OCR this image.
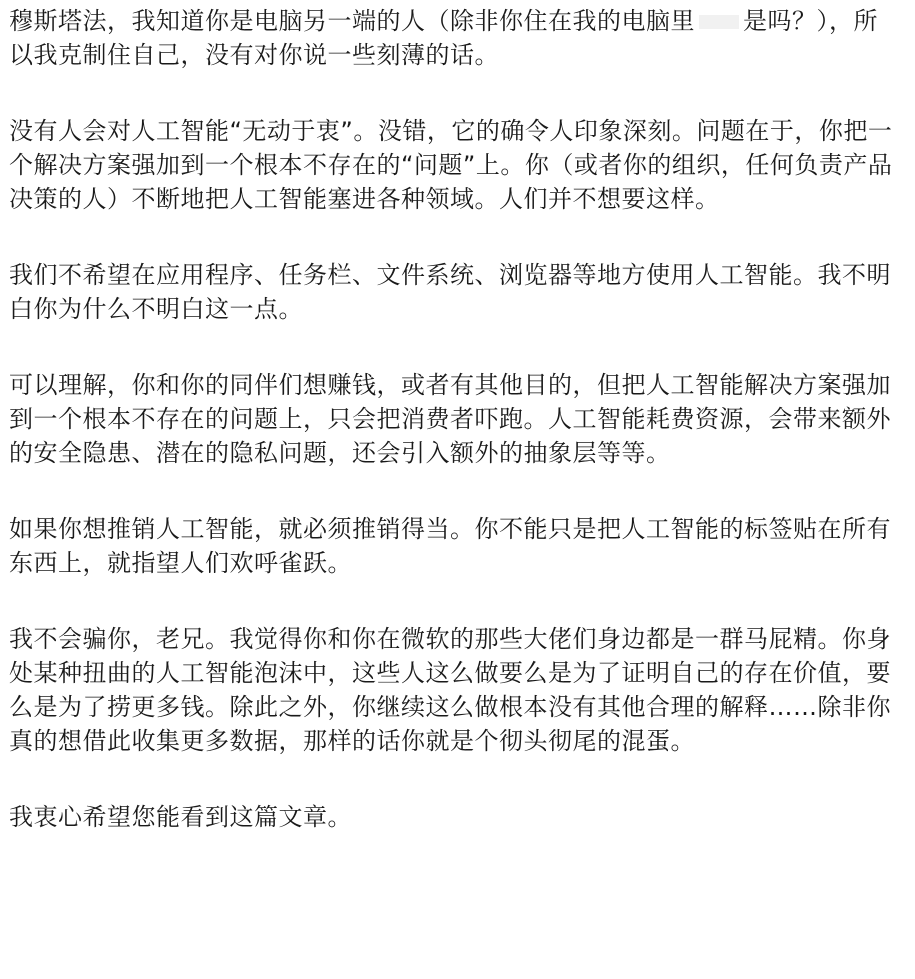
穆斯塔法，我知道你是电脑另一端的人（除非你住在我的电脑里 是吗？），所以我克制住自己，没有对你说一些刻薄的话。

没有人会对人工智能“无动于衷”。没错，它的确令人印象深刻。问题在于，你把一个解决方案强加到一个根本不存在的“问题”上。你（或者你的组织，任何负责产品决策的人）不断地把人工智能塞进各种领域。人们并不想要这样。

我们不希望在应用程序、任务栏、文件系统、浏览器等地方使用人工智能。我不明白你为什么不明白这一点。

可以理解，你和你的同伴们想赚钱，或者有其他目的，但把人工智能解决方案强加到一个根本不存在的问题上，只会把消费者吓跑。人工智能耗费资源，会带来额外的安全隐患、潜在的隐私问题，还会引入额外的抽象层等等。

如果你想推销人工智能，就必须推销得当。你不能只是把人工智能的标签贴在所有东西上，就指望人们欢呼雀跃。

我不会骗你，老兄。我觉得你和你在微软的那些大佬们身边都是一群马屁精。你身处某种扭曲的人工智能泡沫中，这些人这么做要么是为了证明自己的存在价值，要么是为了捞更多钱。除此之外，你继续这么做根本没有其他合理的解释……除非你真的想借此收集更多数据，那样的话你就是个彻头彻尾的混蛋。

我衷心希望您能看到这篇文章。
